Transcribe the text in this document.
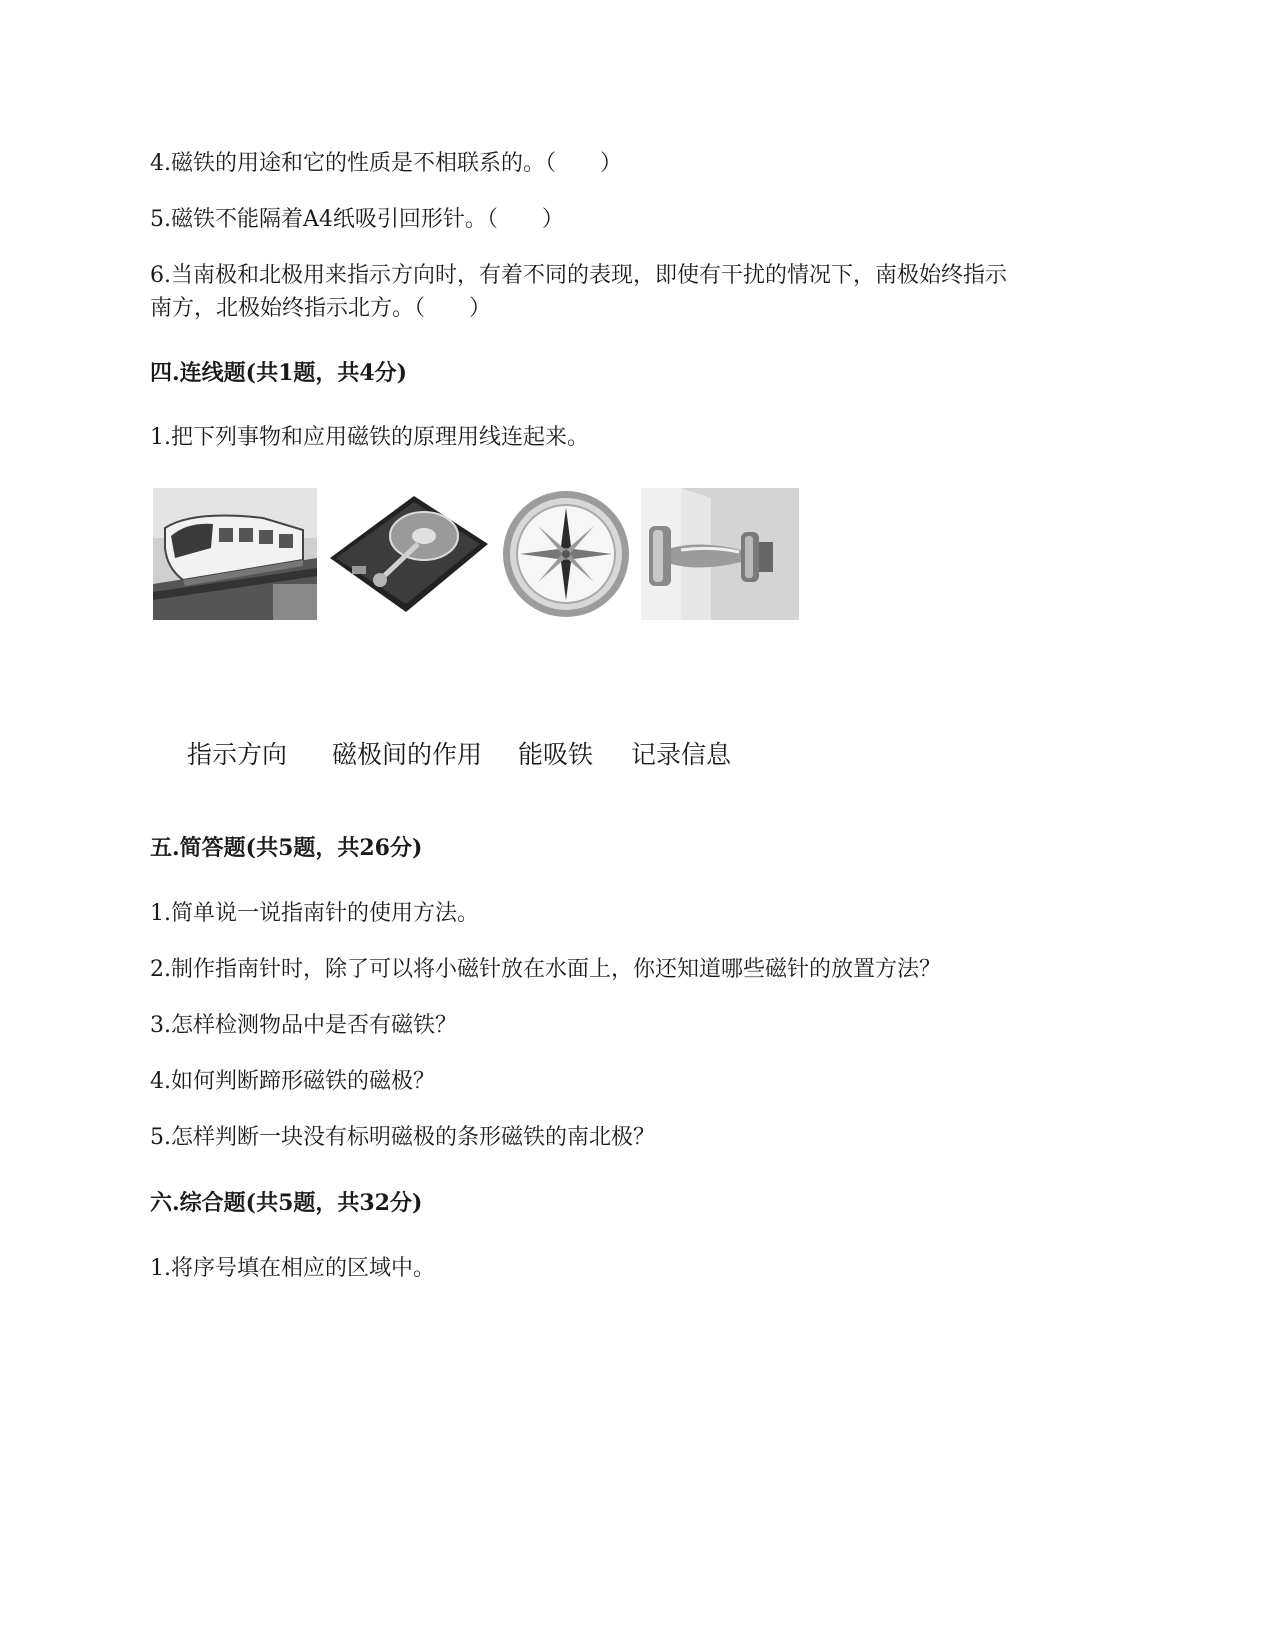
4.磁铁的用途和它的性质是不相联系的。（　　）
5.磁铁不能隔着A4纸吸引回形针。（　　）
6.当南极和北极用来指示方向时，有着不同的表现，即使有干扰的情况下，南极始终指示
南方，北极始终指示北方。（　　）
四.连线题(共1题，共4分)
1.把下列事物和应用磁铁的原理用线连起来。
指示方向 磁极间的作用 能吸铁 记录信息
五.简答题(共5题，共26分)
1.简单说一说指南针的使用方法。
2.制作指南针时，除了可以将小磁针放在水面上，你还知道哪些磁针的放置方法？
3.怎样检测物品中是否有磁铁？
4.如何判断蹄形磁铁的磁极？
5.怎样判断一块没有标明磁极的条形磁铁的南北极？
六.综合题(共5题，共32分)
1.将序号填在相应的区域中。
